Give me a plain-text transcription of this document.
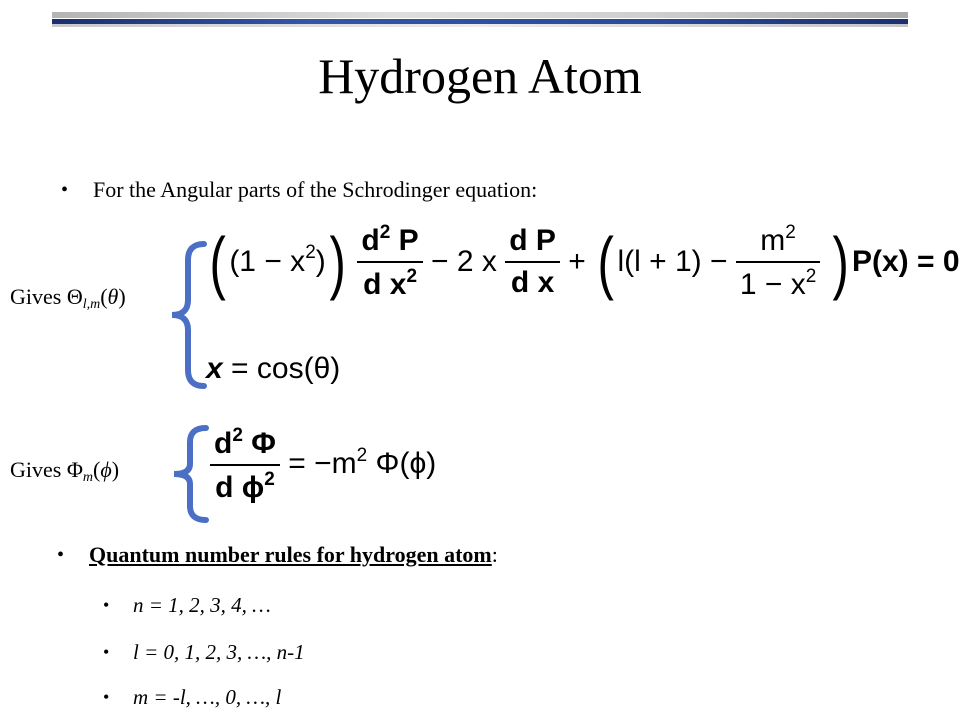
Hydrogen Atom
• For the Angular parts of the Schrodinger equation:
Gives Θl,m(θ)
Gives Φm(ϕ)
( $(1 - x^2)) \frac{d^2 P}{d x^2} - 2$ x $\frac{\text{d P}}{\text{d x}}$ + ( $l(l + 1) - \frac{m^2}{1 - x^2}$ ) P(x) = 0
x = cos(θ)
$\frac{d^2 \Phi}{d \phi^2} = -m^2$ Φ(ϕ)
• Quantum number rules for hydrogen atom:
• n = 1, 2, 3, 4, …
• l = 0, 1, 2, 3, …, n-1
• m = -l, …, 0, …, l
